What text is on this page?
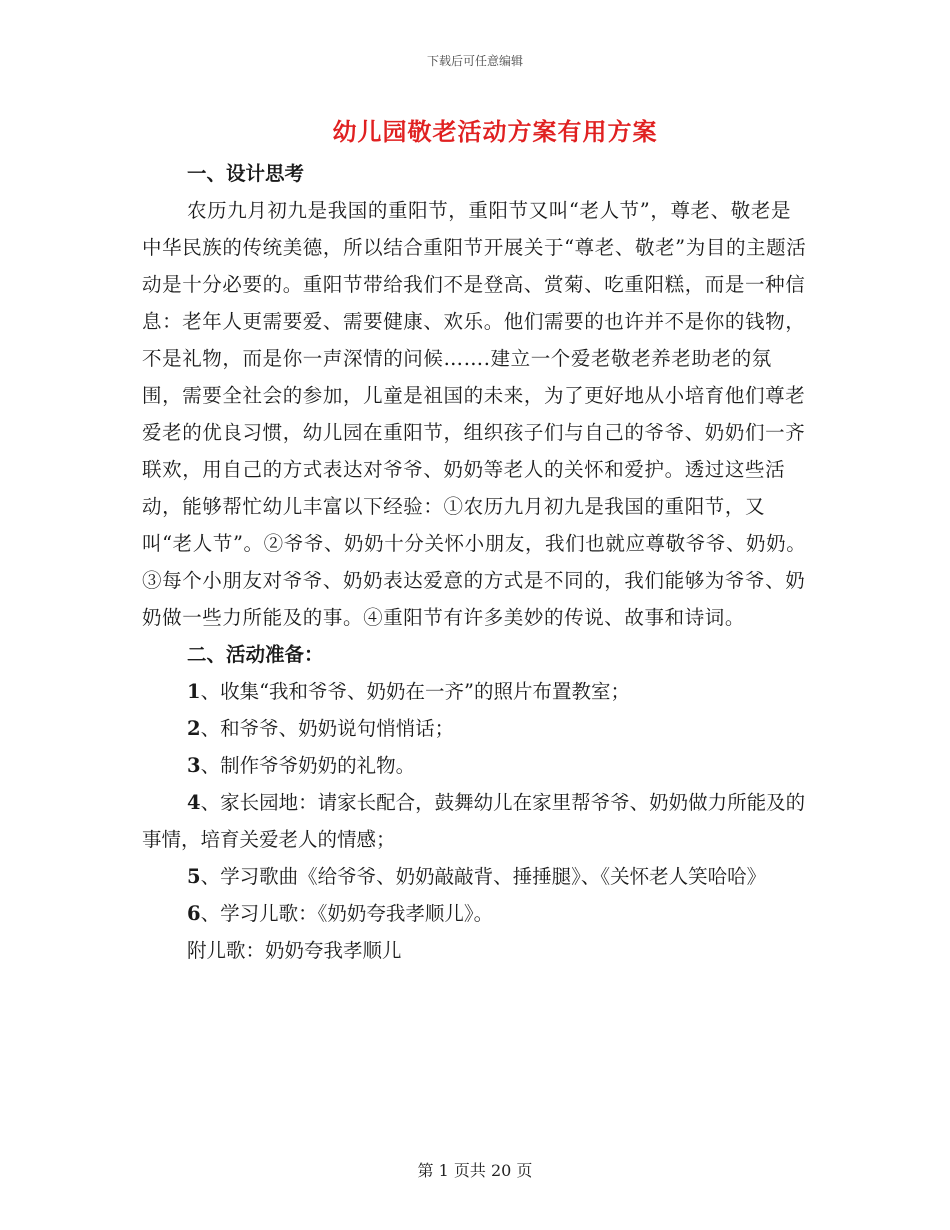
下载后可任意编辑
幼儿园敬老活动方案有用方案

一、设计思考

农历九月初九是我国的重阳节，重阳节又叫“老人节”，尊老、敬老是中华民族的传统美德，所以结合重阳节开展关于“尊老、敬老”为目的主题活动是十分必要的。重阳节带给我们不是登高、赏菊、吃重阳糕，而是一种信息：老年人更需要爱、需要健康、欢乐。他们需要的也许并不是你的钱物，不是礼物，而是你一声深情的问候…….建立一个爱老敬老养老助老的氛围，需要全社会的参加，儿童是祖国的未来，为了更好地从小培育他们尊老爱老的优良习惯，幼儿园在重阳节，组织孩子们与自己的爷爷、奶奶们一齐联欢，用自己的方式表达对爷爷、奶奶等老人的关怀和爱护。透过这些活动，能够帮忙幼儿丰富以下经验：①农历九月初九是我国的重阳节，又叫“老人节”。②爷爷、奶奶十分关怀小朋友，我们也就应尊敬爷爷、奶奶。③每个小朋友对爷爷、奶奶表达爱意的方式是不同的，我们能够为爷爷、奶奶做一些力所能及的事。④重阳节有许多美妙的传说、故事和诗词。

二、活动准备：

1、收集“我和爷爷、奶奶在一齐”的照片布置教室；

2、和爷爷、奶奶说句悄悄话；

3、制作爷爷奶奶的礼物。

4、家长园地：请家长配合，鼓舞幼儿在家里帮爷爷、奶奶做力所能及的事情，培育关爱老人的情感；

5、学习歌曲《给爷爷、奶奶敲敲背、捶捶腿》、《关怀老人笑哈哈》

6、学习儿歌：《奶奶夸我孝顺儿》。

附儿歌：奶奶夸我孝顺儿

第 1 页共 20 页
